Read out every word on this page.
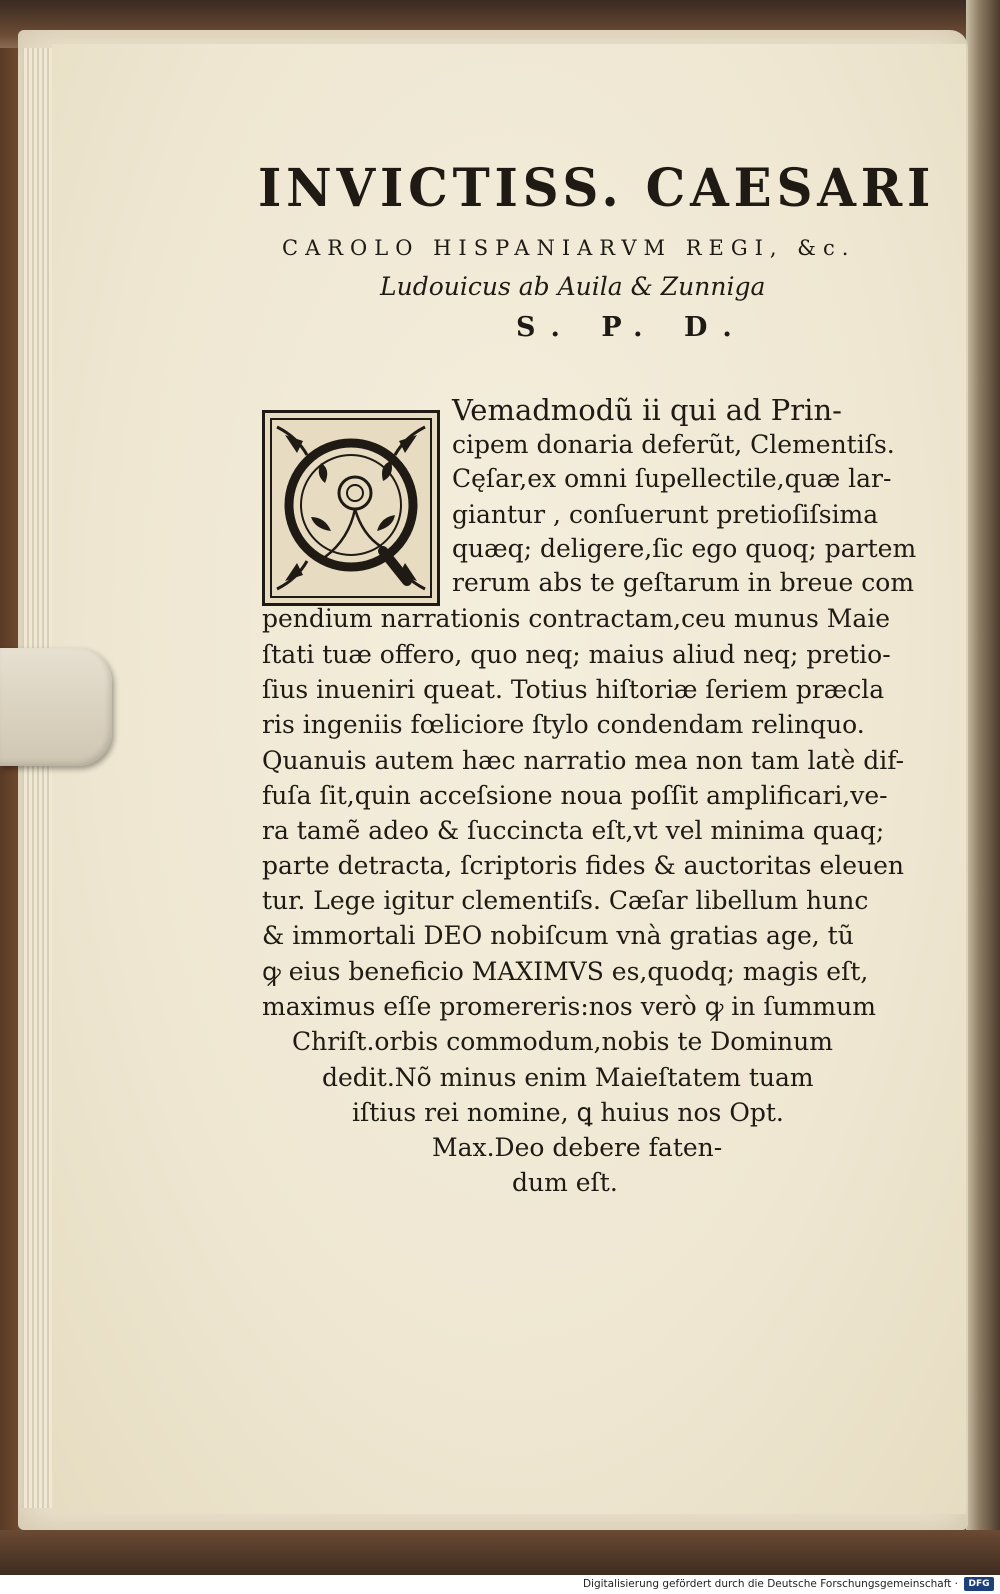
INVICTISS. CAESARI
CAROLO HISPANIARVM REGI, &c.
Ludouicus ab Auila & Zunniga
S. P. D.
Vemadmodũ ii qui ad Prin-
cipem donaria deferũt, Clementiſs.
Cęſar,ex omni ſupellectile,quæ lar-
giantur , conſuerunt pretioſiſsima
quæq; deligere,ſic ego quoq; partem
rerum abs te geſtarum in breue com
pendium narrationis contractam,ceu munus Maie
ſtati tuæ offero, quo neq; maius aliud neq; pretio-
ſius inueniri queat. Totius hiſtoriæ ſeriem præcla
ris ingeniis fœliciore ſtylo condendam relinquo.
Quanuis autem hæc narratio mea non tam latè dif-
fuſa ſit,quin acceſsione noua poſſit amplificari,ve-
ra tamẽ adeo & ſuccincta eſt,vt vel minima quaq;
parte detracta, ſcriptoris fides & auctoritas eleuen
tur. Lege igitur clementiſs. Cæſar libellum hunc
& immortali DEO nobiſcum vnà gratias age, tũ
ꝙ eius beneficio MAXIMVS es,quodq; magis eſt,
maximus eſſe promereris:nos verò ꝙ in ſummum
Chriſt.orbis commodum,nobis te Dominum
dedit.Nõ minus enim Maieſtatem tuam
iſtius rei nomine, ꝗ huius nos Opt.
Max.Deo debere faten-
dum eſt.
Digitalisierung gefördert durch die Deutsche Forschungsgemeinschaft ·	DFG
